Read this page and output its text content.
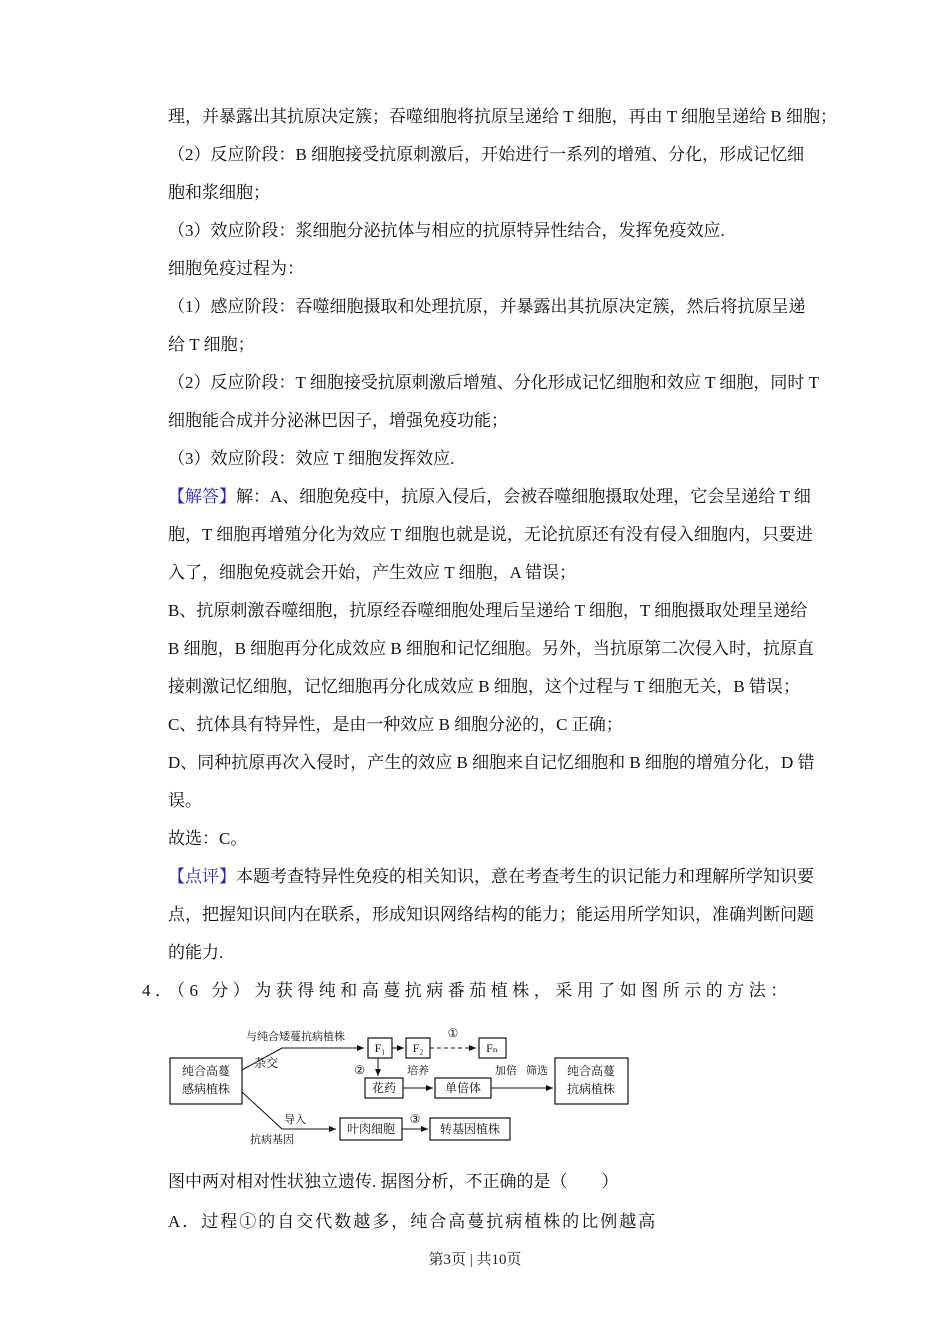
理，并暴露出其抗原决定簇；吞噬细胞将抗原呈递给 T 细胞，再由 T 细胞呈递给 B 细胞；
（2）反应阶段：B 细胞接受抗原刺激后，开始进行一系列的增殖、分化，形成记忆细
胞和浆细胞；
（3）效应阶段：浆细胞分泌抗体与相应的抗原特异性结合，发挥免疫效应.
细胞免疫过程为：
（1）感应阶段：吞噬细胞摄取和处理抗原，并暴露出其抗原决定簇，然后将抗原呈递
给 T 细胞；
（2）反应阶段：T 细胞接受抗原刺激后增殖、分化形成记忆细胞和效应 T 细胞，同时 T
细胞能合成并分泌淋巴因子，增强免疫功能；
（3）效应阶段：效应 T 细胞发挥效应.
【解答】解：A、细胞免疫中，抗原入侵后，会被吞噬细胞摄取处理，它会呈递给 T 细
胞，T 细胞再增殖分化为效应 T 细胞也就是说，无论抗原还有没有侵入细胞内，只要进
入了，细胞免疫就会开始，产生效应 T 细胞，A 错误；
B、抗原刺激吞噬细胞，抗原经吞噬细胞处理后呈递给 T 细胞，T 细胞摄取处理呈递给
B 细胞，B 细胞再分化成效应 B 细胞和记忆细胞。另外，当抗原第二次侵入时，抗原直
接刺激记忆细胞，记忆细胞再分化成效应 B 细胞，这个过程与 T 细胞无关，B 错误；
C、抗体具有特异性，是由一种效应 B 细胞分泌的，C 正确；
D、同种抗原再次入侵时，产生的效应 B 细胞来自记忆细胞和 B 细胞的增殖分化，D 错
误。
故选：C。
【点评】本题考查特异性免疫的相关知识，意在考查考生的识记能力和理解所学知识要
点，把握知识间内在联系，形成知识网络结构的能力；能运用所学知识，准确判断问题
的能力.
4．（6 分）为获得纯和高蔓抗病番茄植株，采用了如图所示的方法：
纯合高蔓
感病植株
与纯合矮蔓抗病植株
杂交
F₁ F₂
①
Fₙ
②
花药
培养
单倍体
加倍 筛选 纯合高蔓
抗病植株
导入
抗病基因
叶肉细胞
③
转基因植株
图中两对相对性状独立遗传. 据图分析，不正确的是（　　）
A．过程①的自交代数越多，纯合高蔓抗病植株的比例越高
第3页 | 共10页
